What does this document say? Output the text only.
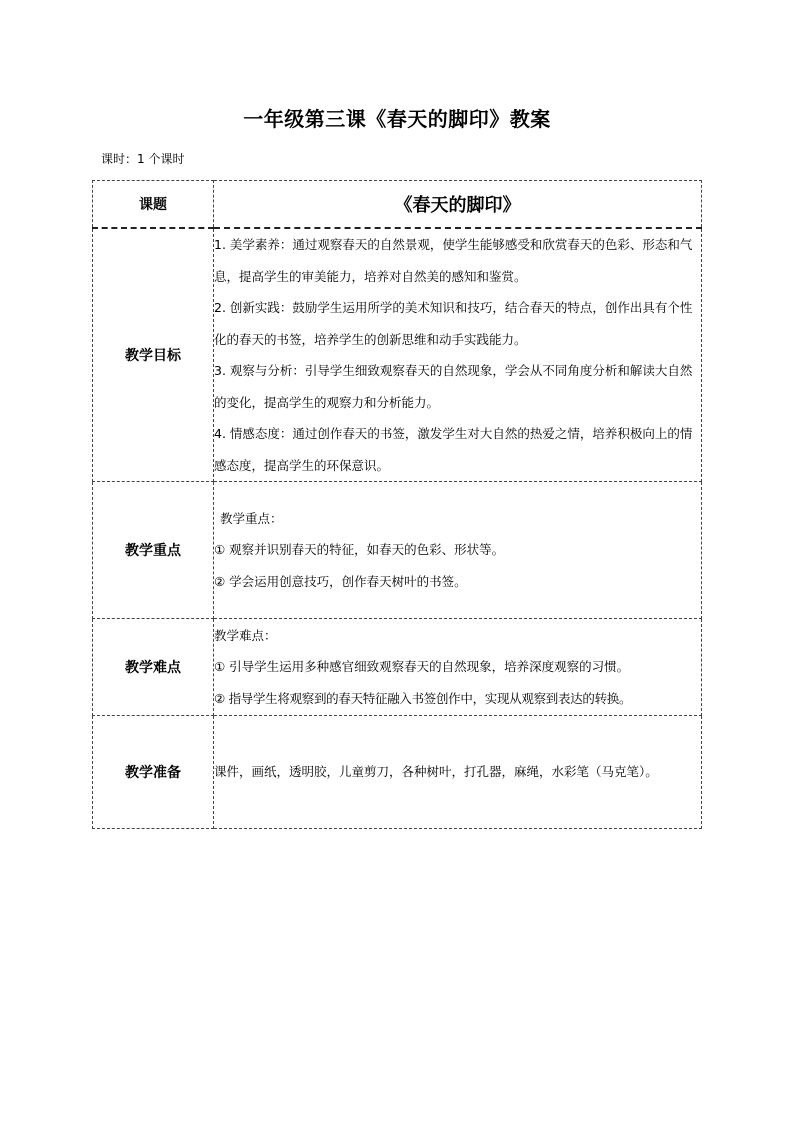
一年级第三课《春天的脚印》教案
课时：1 个课时
课题	《春天的脚印》
教学目标	1. 美学素养：通过观察春天的自然景观，使学生能够感受和欣赏春天的色彩、形态和气息，提高学生的审美能力，培养对自然美的感知和鉴赏。

2. 创新实践：鼓励学生运用所学的美术知识和技巧，结合春天的特点，创作出具有个性化的春天的书签，培养学生的创新思维和动手实践能力。

3. 观察与分析：引导学生细致观察春天的自然现象，学会从不同角度分析和解读大自然的变化，提高学生的观察力和分析能力。

4. 情感态度：通过创作春天的书签，激发学生对大自然的热爱之情，培养积极向上的情感态度，提高学生的环保意识。

教学重点	教学重点：

① 观察并识别春天的特征，如春天的色彩、形状等。

② 学会运用创意技巧，创作春天树叶的书签。

教学难点	教学难点：

① 引导学生运用多种感官细致观察春天的自然现象，培养深度观察的习惯。

② 指导学生将观察到的春天特征融入书签创作中，实现从观察到表达的转换。

教学准备	课件，画纸，透明胶，儿童剪刀，各种树叶，打孔器，麻绳，水彩笔（马克笔）。
